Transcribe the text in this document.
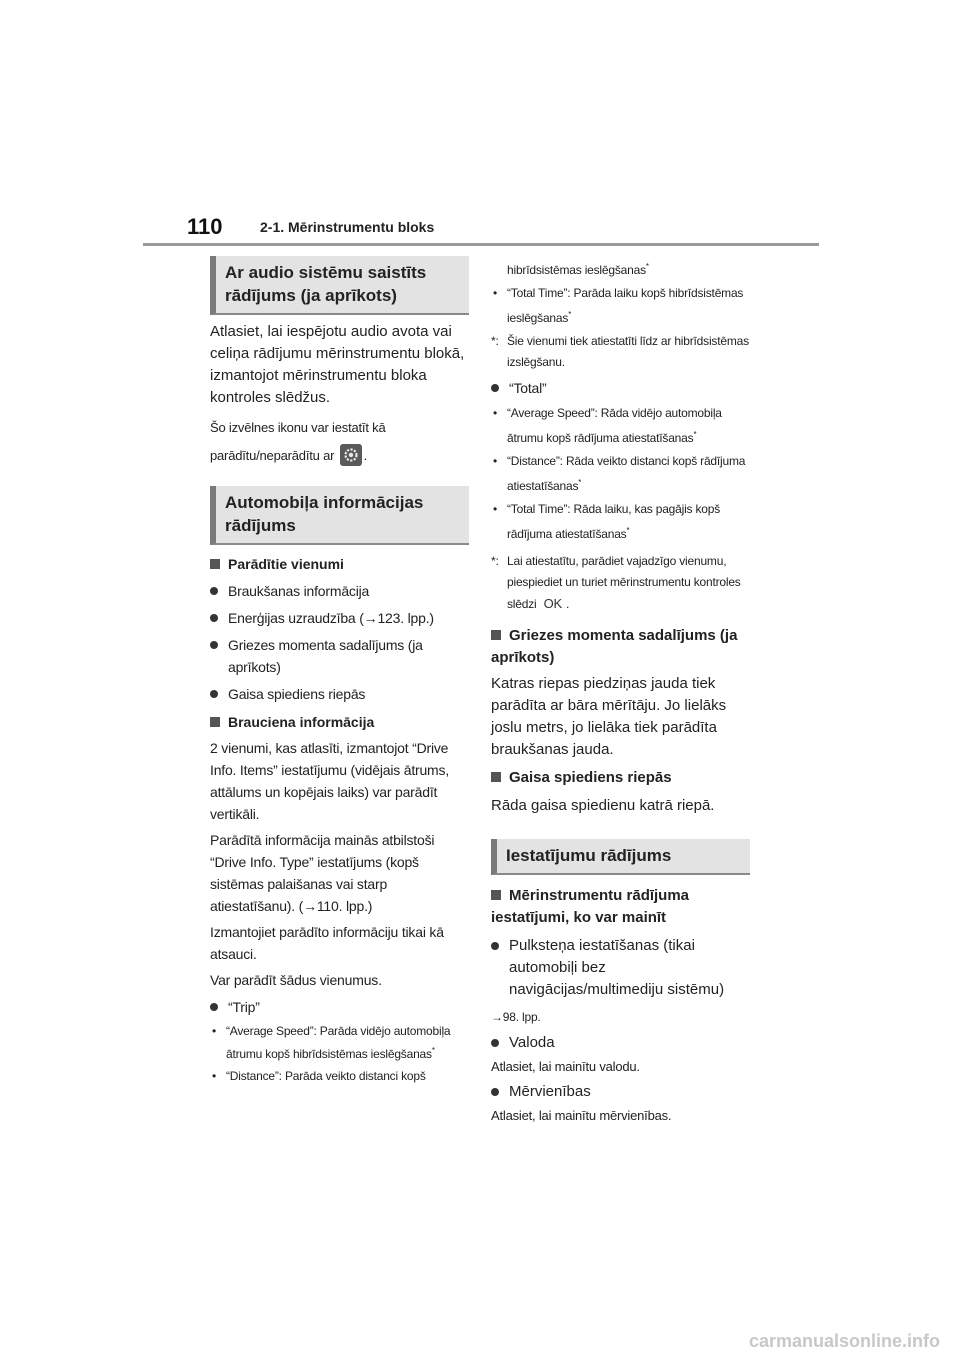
110	2-1. Mērinstrumentu bloks
Ar audio sistēmu saistīts rādījums (ja aprīkots)

Atlasiet, lai iespējotu audio avota vai celiņa rādījumu mērinstrumentu blokā, izmantojot mērinstrumentu bloka kontroles slēdžus.

Šo izvēlnes ikonu var iestatīt kā

parādītu/neparādītu ar .

Automobiļa informācijas rādījums

Parādītie vienumi

Braukšanas informācija

Enerģijas uzraudzība (→123. lpp.)

Griezes momenta sadalījums (ja aprīkots)

Gaisa spiediens riepās

Brauciena informācija

2 vienumi, kas atlasīti, izmantojot “Drive Info. Items” iestatījumu (vidējais ātrums, attālums un kopējais laiks) var parādīt vertikāli.

Parādītā informācija mainās atbilstoši “Drive Info. Type” iestatījums (kopš sistēmas palaišanas vai starp atiestatīšanu). (→110. lpp.)

Izmantojiet parādīto informāciju tikai kā atsauci.

Var parādīt šādus vienumus.

“Trip”

• “Average Speed”: Parāda vidējo automobiļa ātrumu kopš hibrīdsistēmas ieslēgšanas*

• “Distance”: Parāda veikto distanci kopš

hibrīdsistēmas ieslēgšanas*

• “Total Time”: Parāda laiku kopš hibrīdsistēmas ieslēgšanas*

*: Šie vienumi tiek atiestatīti līdz ar hibrīdsistēmas izslēgšanu.

“Total”

• “Average Speed”: Rāda vidējo automobiļa ātrumu kopš rādījuma atiestatīšanas*

• “Distance”: Rāda veikto distanci kopš rādījuma atiestatīšanas*

• “Total Time”: Rāda laiku, kas pagājis kopš rādījuma atiestatīšanas*

*: Lai atiestatītu, parādiet vajadzīgo vienumu, piespiediet un turiet mērinstrumentu kontroles slēdzi OK .

Griezes momenta sadalījums (ja aprīkots)

Katras riepas piedziņas jauda tiek parādīta ar bāra mērītāju. Jo lielāks joslu metrs, jo lielāka tiek parādīta braukšanas jauda.

Gaisa spiediens riepās

Rāda gaisa spiedienu katrā riepā.

Iestatījumu rādījums

Mērinstrumentu rādījuma iestatījumi, ko var mainīt

Pulksteņa iestatīšanas (tikai automobiļi bez navigācijas/multimediju sistēmu)

→98. lpp.

Valoda

Atlasiet, lai mainītu valodu.

Mērvienības

Atlasiet, lai mainītu mērvienības.

carmanualsonline.info
